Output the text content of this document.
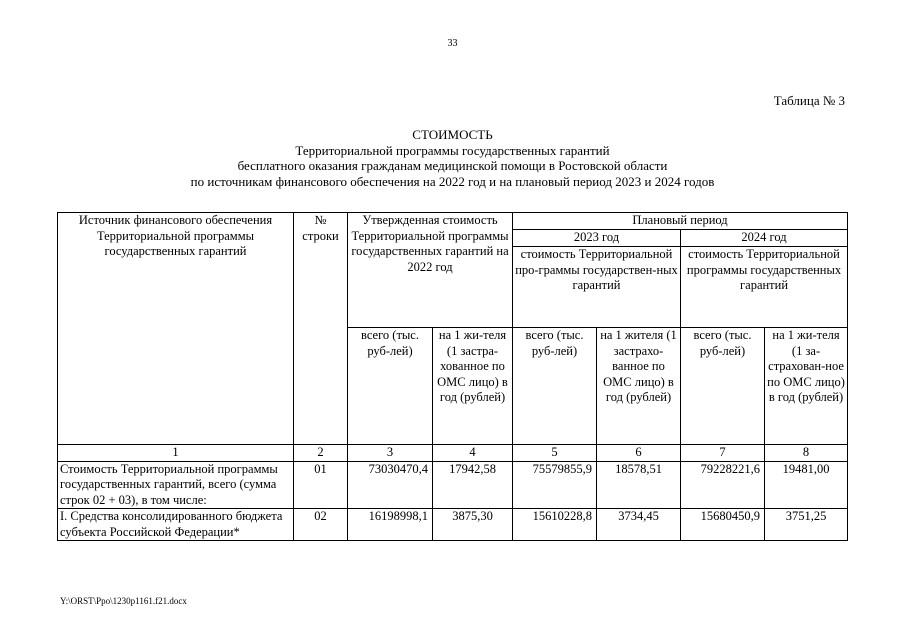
33
Таблица № 3
СТОИМОСТЬ
Территориальной программы государственных гарантий
бесплатного оказания гражданам медицинской помощи в Ростовской области
по источникам финансового обеспечения на 2022 год и на плановый период 2023 и 2024 годов
Источник финансового обеспечения Территориальной программы государственных гарантий	№ строки	Утвержденная стоимость Территориальной программы государственных гарантий на 2022 год		Плановый период			
				2023 год		2024 год	
				стоимость Территориальной про-граммы государствен-ных гарантий		стоимость Территориальной программы государственных гарантий	
		всего (тыс. руб-лей)	на 1 жи-теля (1 застра-хованное по ОМС лицо) в год (рублей)	всего (тыс. руб-лей)	на 1 жителя (1 застрахо-ванное по ОМС лицо) в год (рублей)	всего (тыс. руб-лей)	на 1 жи-теля (1 за-страхован-ное по ОМС лицо) в год (рублей)
1	2	3	4	5	6	7	8
Стоимость Территориальной программы государственных гарантий, всего (сумма строк 02 + 03), в том числе:	01	73030470,4	17942,58	75579855,9	18578,51	79228221,6	19481,00
I. Средства консолидированного бюджета субъекта Российской Федерации*	02	16198998,1	3875,30	15610228,8	3734,45	15680450,9	3751,25
Y:\ORST\Ppo\1230p1161.f21.docx
